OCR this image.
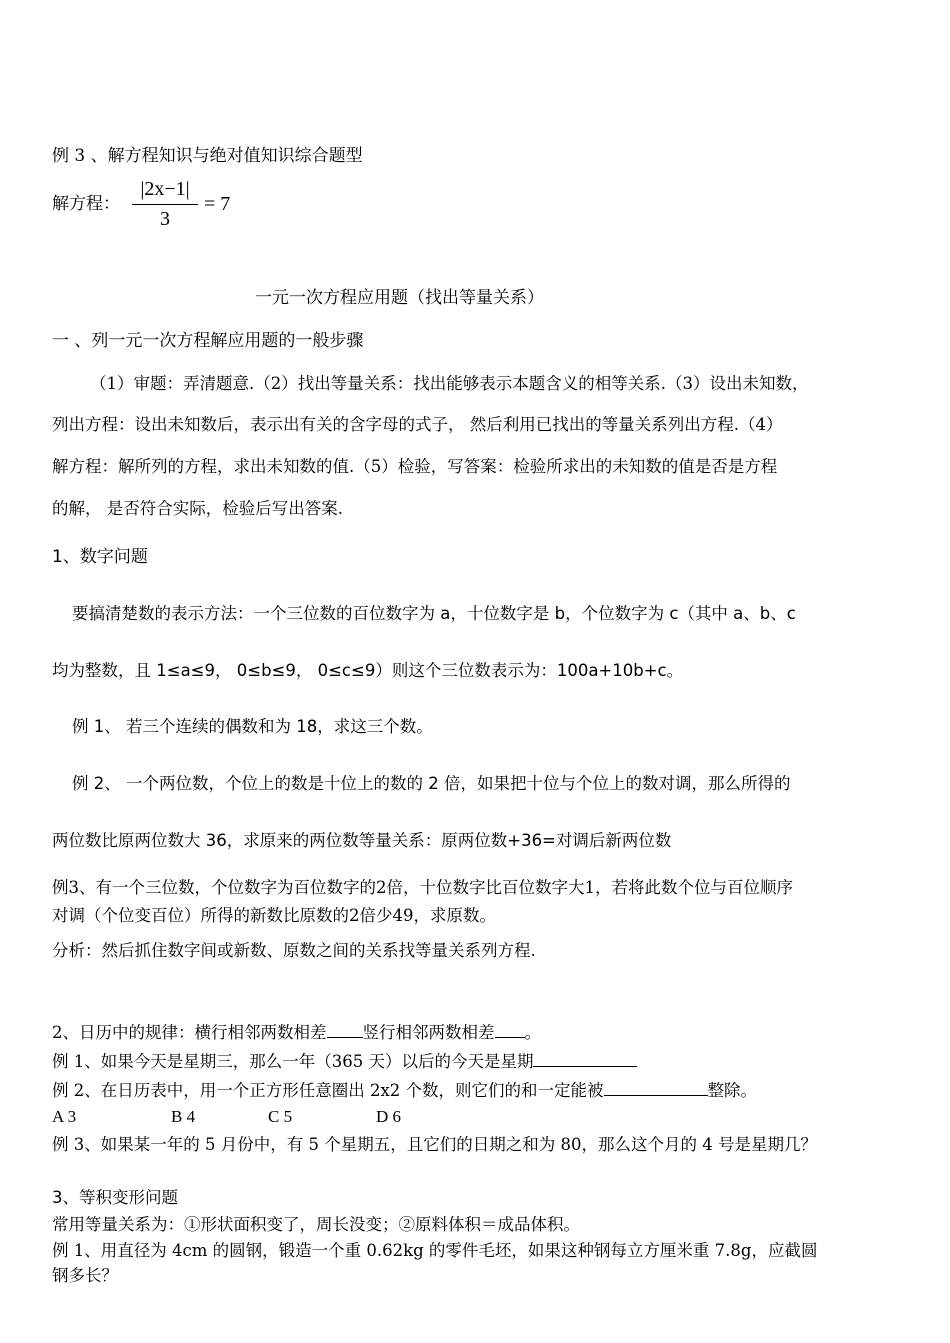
例 3 、解方程知识与绝对值知识综合题型
解方程：
|2x−1|
3
= 7
一元一次方程应用题（找出等量关系）
一 、列一元一次方程解应用题的一般步骤
（1）审题：弄清题意.（2）找出等量关系：找出能够表示本题含义的相等关系.（3）设出未知数，
列出方程：设出未知数后，表示出有关的含字母的式子， 然后利用已找出的等量关系列出方程.（4）
解方程：解所列的方程，求出未知数的值.（5）检验，写答案：检验所求出的未知数的值是否是方程
的解， 是否符合实际，检验后写出答案.
1、数字问题
要搞清楚数的表示方法：一个三位数的百位数字为 a，十位数字是 b，个位数字为 c（其中 a、b、c
均为整数，且 1≤a≤9， 0≤b≤9， 0≤c≤9）则这个三位数表示为：100a+10b+c。
例 1、 若三个连续的偶数和为 18，求这三个数。
例 2、 一个两位数，个位上的数是十位上的数的 2 倍，如果把十位与个位上的数对调，那么所得的
两位数比原两位数大 36，求原来的两位数等量关系：原两位数+36=对调后新两位数
例3、有一个三位数，个位数字为百位数字的2倍，十位数字比百位数字大1，若将此数个位与百位顺序
对调（个位变百位）所得的新数比原数的2倍少49，求原数。
分析：然后抓住数字间或新数、原数之间的关系找等量关系列方程.
2、日历中的规律：横行相邻两数相差 竖行相邻两数相差 。
例 1、如果今天是星期三，那么一年（365 天）以后的今天是星期
例 2、在日历表中，用一个正方形任意圈出 2x2 个数，则它们的和一定能被	整除。
A 3	B 4	C 5	D 6
例 3、如果某一年的 5 月份中，有 5 个星期五，且它们的日期之和为 80，那么这个月的 4 号是星期几？
3、等积变形问题
常用等量关系为：①形状面积变了，周长没变；②原料体积＝成品体积。
例 1、用直径为 4cm 的圆钢，锻造一个重 0.62kg 的零件毛坯，如果这种钢每立方厘米重 7.8g，应截圆
钢多长？
